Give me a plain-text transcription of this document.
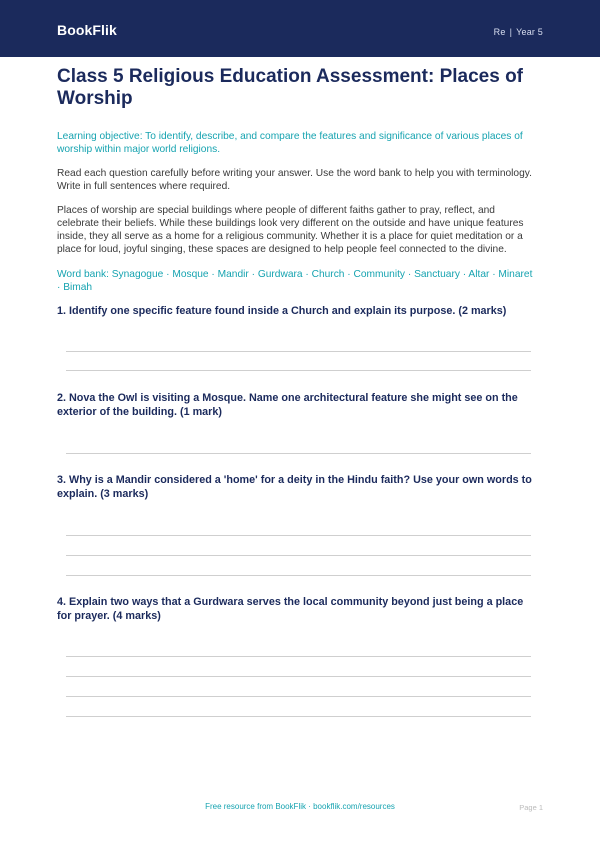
BookFlik	Re | Year 5
Class 5 Religious Education Assessment: Places of Worship

Learning objective: To identify, describe, and compare the features and significance of various places of worship within major world religions.

Read each question carefully before writing your answer. Use the word bank to help you with terminology. Write in full sentences where required.

Places of worship are special buildings where people of different faiths gather to pray, reflect, and celebrate their beliefs. While these buildings look very different on the outside and have unique features inside, they all serve as a home for a religious community. Whether it is a place for quiet meditation or a place for loud, joyful singing, these spaces are designed to help people feel connected to the divine.

Word bank: Synagogue · Mosque · Mandir · Gurdwara · Church · Community · Sanctuary · Altar · Minaret · Bimah

1. Identify one specific feature found inside a Church and explain its purpose. (2 marks)

2. Nova the Owl is visiting a Mosque. Name one architectural feature she might see on the exterior of the building. (1 mark)

3. Why is a Mandir considered a 'home' for a deity in the Hindu faith? Use your own words to explain. (3 marks)

4. Explain two ways that a Gurdwara serves the local community beyond just being a place for prayer. (4 marks)

Free resource from BookFlik · bookflik.com/resources	Page 1
